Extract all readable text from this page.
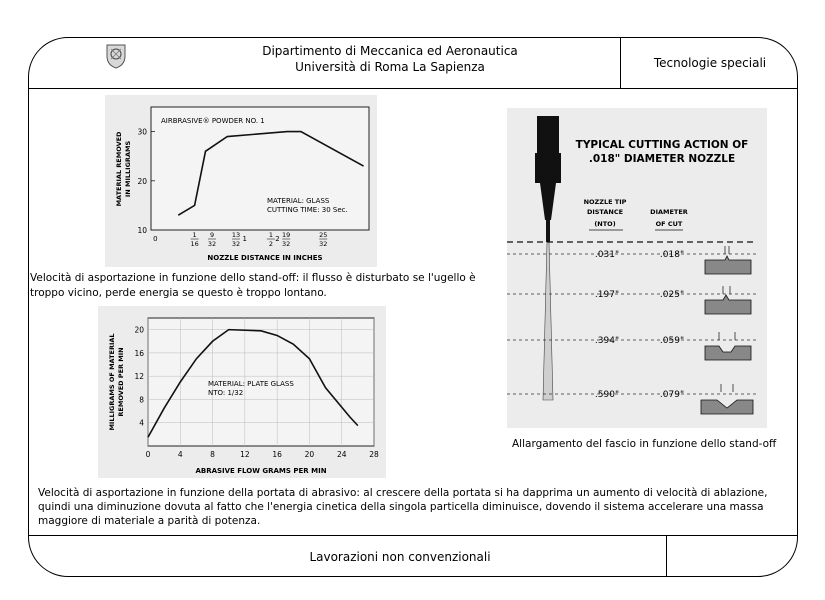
Dipartimento di Meccanica ed Aeronautica
Università di Roma La Sapienza	Tecnologie speciali
Lavorazioni non convenzionali
10
20
30
0	1	2
1
16
9
32
13
32
1
2
19
32
25
32
AIRBRASIVE® POWDER NO. 1
MATERIAL: GLASS
CUTTING TIME: 30 Sec.
NOZZLE DISTANCE IN INCHES
MATERIAL REMOVED IN MILLIGRAMS
Velocità di asportazione in funzione dello stand-off: il flusso è disturbato se l'ugello è
troppo vicino, perde energia se questo è troppo lontano.
4
8
12
16
20
0	4	8	12	16	20	24	28
MATERIAL: PLATE GLASS
NTO: 1/32
ABRASIVE FLOW GRAMS PER MIN
MILLIGRAMS OF MATERIAL REMOVED PER MIN
Velocità di asportazione in funzione della portata di abrasivo: al crescere della portata si ha dapprima un aumento di velocità di ablazione,
quindi una diminuzione dovuta al fatto che l'energia cinetica della singola particella diminuisce, dovendo il sistema accelerare una massa
maggiore di materiale a parità di potenza.
TYPICAL CUTTING ACTION OF
.018" DIAMETER NOZZLE
NOZZLE TIP
DISTANCE
(NTO)
DIAMETER
OF CUT
.031"	.018"
.197"	.025"
.394"	.059"
.590"	.079"
Allargamento del fascio in funzione dello stand-off
